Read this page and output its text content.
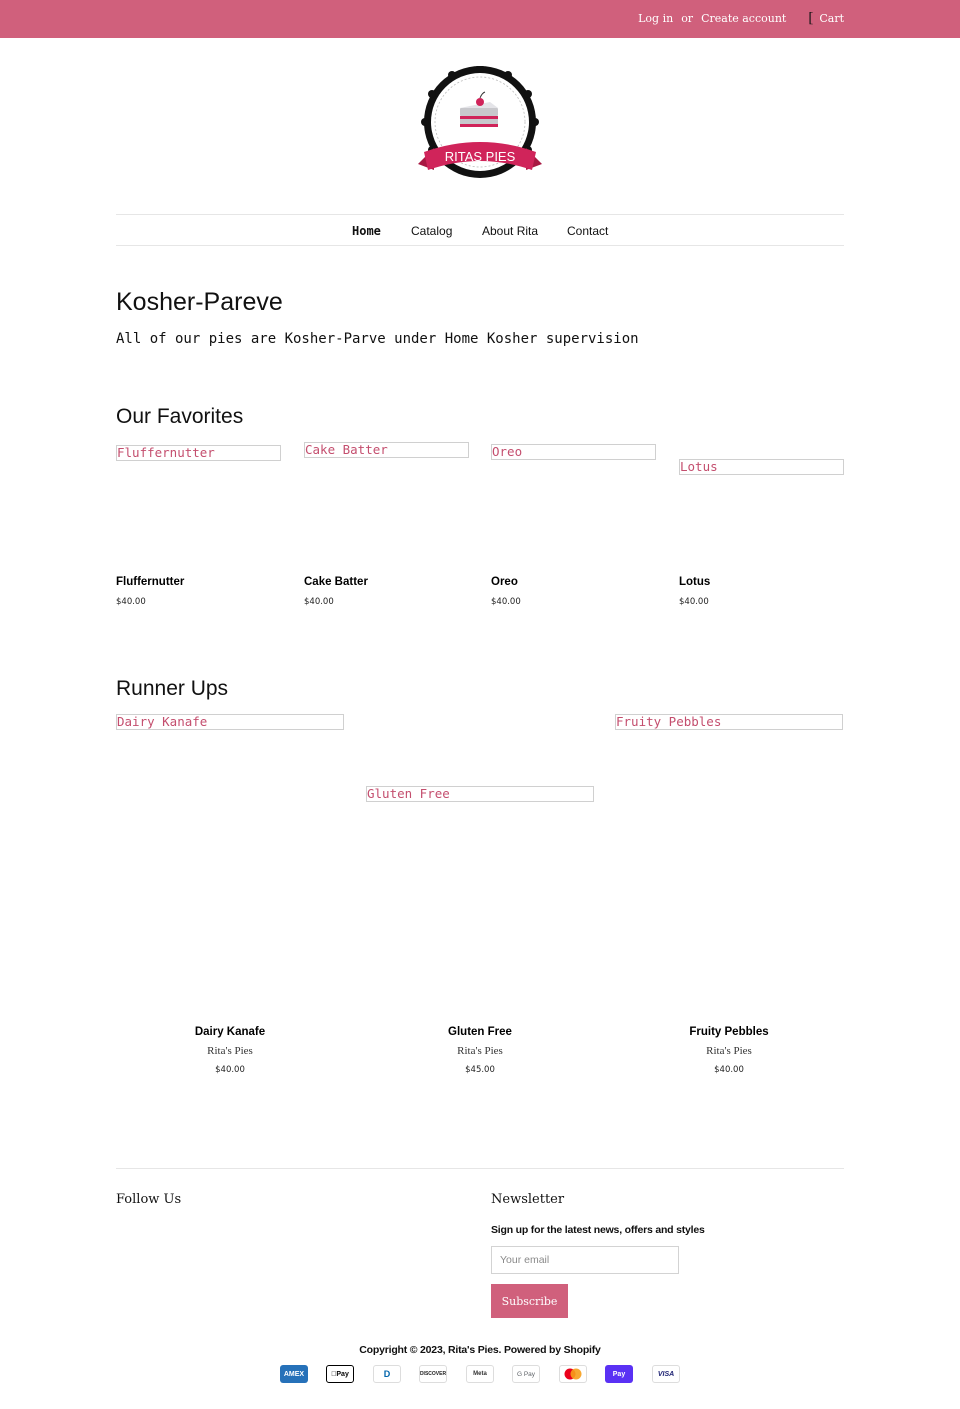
Log in or Create account [ Cart
RITAS PIES
Home	Catalog About Rita Contact
Kosher-Pareve
All of our pies are Kosher-Parve under Home Kosher supervision
Our Favorites
Fluffernutter	Cake Batter	Oreo
Lotus
Fluffernutter	Cake Batter	Oreo	Lotus
$40.00	$40.00	$40.00	$40.00
Runner Ups
Dairy Kanafe
Gluten Free
Fruity Pebbles
Dairy Kanafe	Gluten Free	Fruity Pebbles
Rita's Pies	Rita's Pies	Rita's Pies
$40.00	$45.00	$40.00
Follow Us	Newsletter
Sign up for the latest news, offers and styles
Your email
Subscribe
Copyright © 2023, Rita's Pies. Powered by Shopify
AMEX	Pay	D	DISCOVER	Meta	G Pay	Pay	VISA
